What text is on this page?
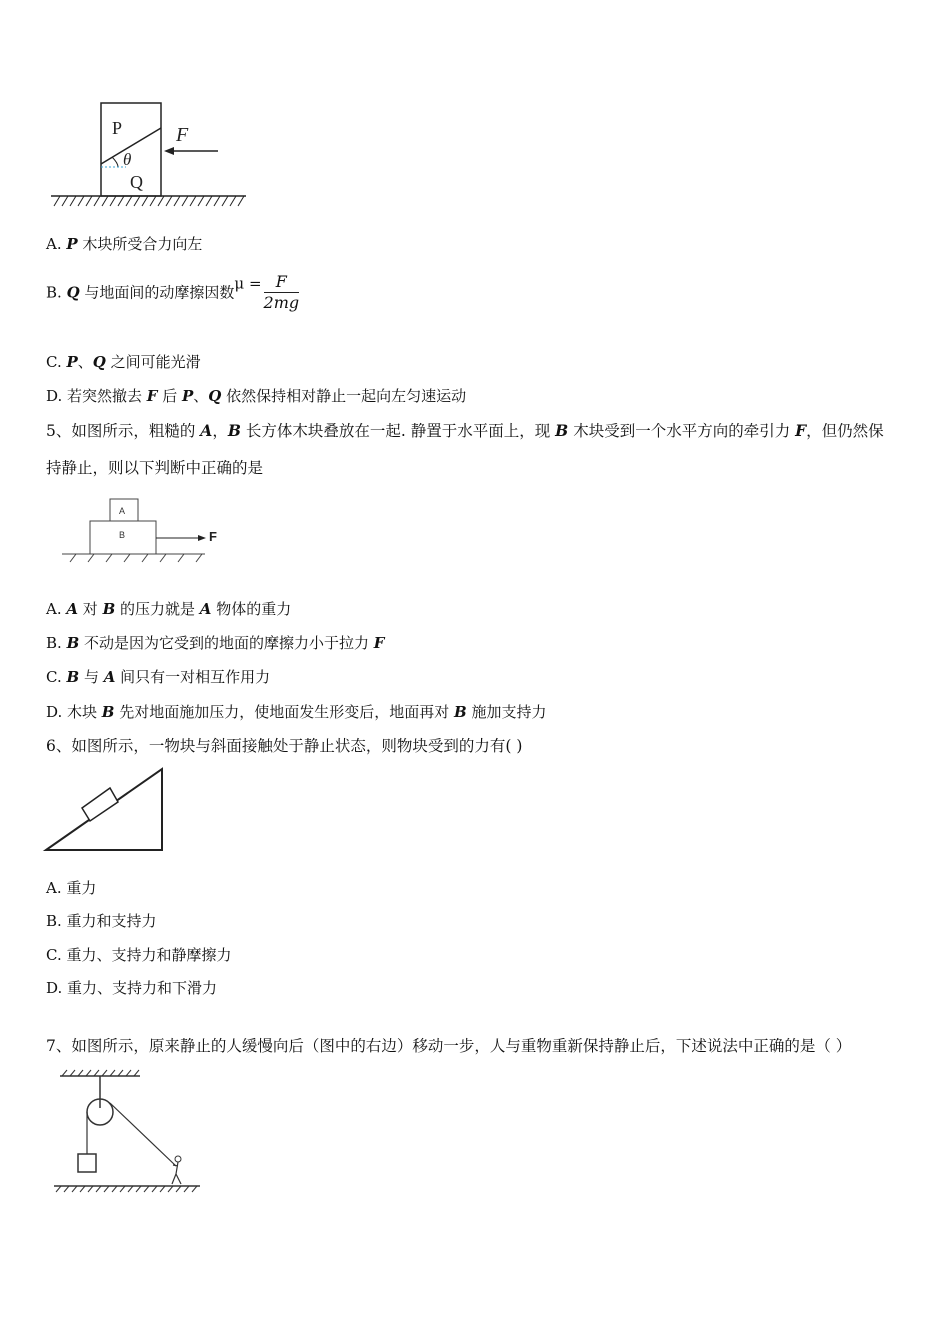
P
θ
Q
F
A. P 木块所受合力向左
B. Q 与地面间的动摩擦因数$\mu = \frac{F}{2mg}$
C. P、Q 之间可能光滑
D. 若突然撤去 F 后 P、Q 依然保持相对静止一起向左匀速运动
5、如图所示，粗糙的 A，B 长方体木块叠放在一起. 静置于水平面上，现 B 木块受到一个水平方向的牵引力 F，但仍然保
持静止，则以下判断中正确的是
A
B	F
A. A 对 B 的压力就是 A 物体的重力
B. B 不动是因为它受到的地面的摩擦力小于拉力 F
C. B 与 A 间只有一对相互作用力
D. 木块 B 先对地面施加压力，使地面发生形变后，地面再对 B 施加支持力
6、如图所示，一物块与斜面接触处于静止状态，则物块受到的力有( )
A. 重力
B. 重力和支持力
C. 重力、支持力和静摩擦力
D. 重力、支持力和下滑力
7、如图所示，原来静止的人缓慢向后（图中的右边）移动一步，人与重物重新保持静止后，下述说法中正确的是（ ）
